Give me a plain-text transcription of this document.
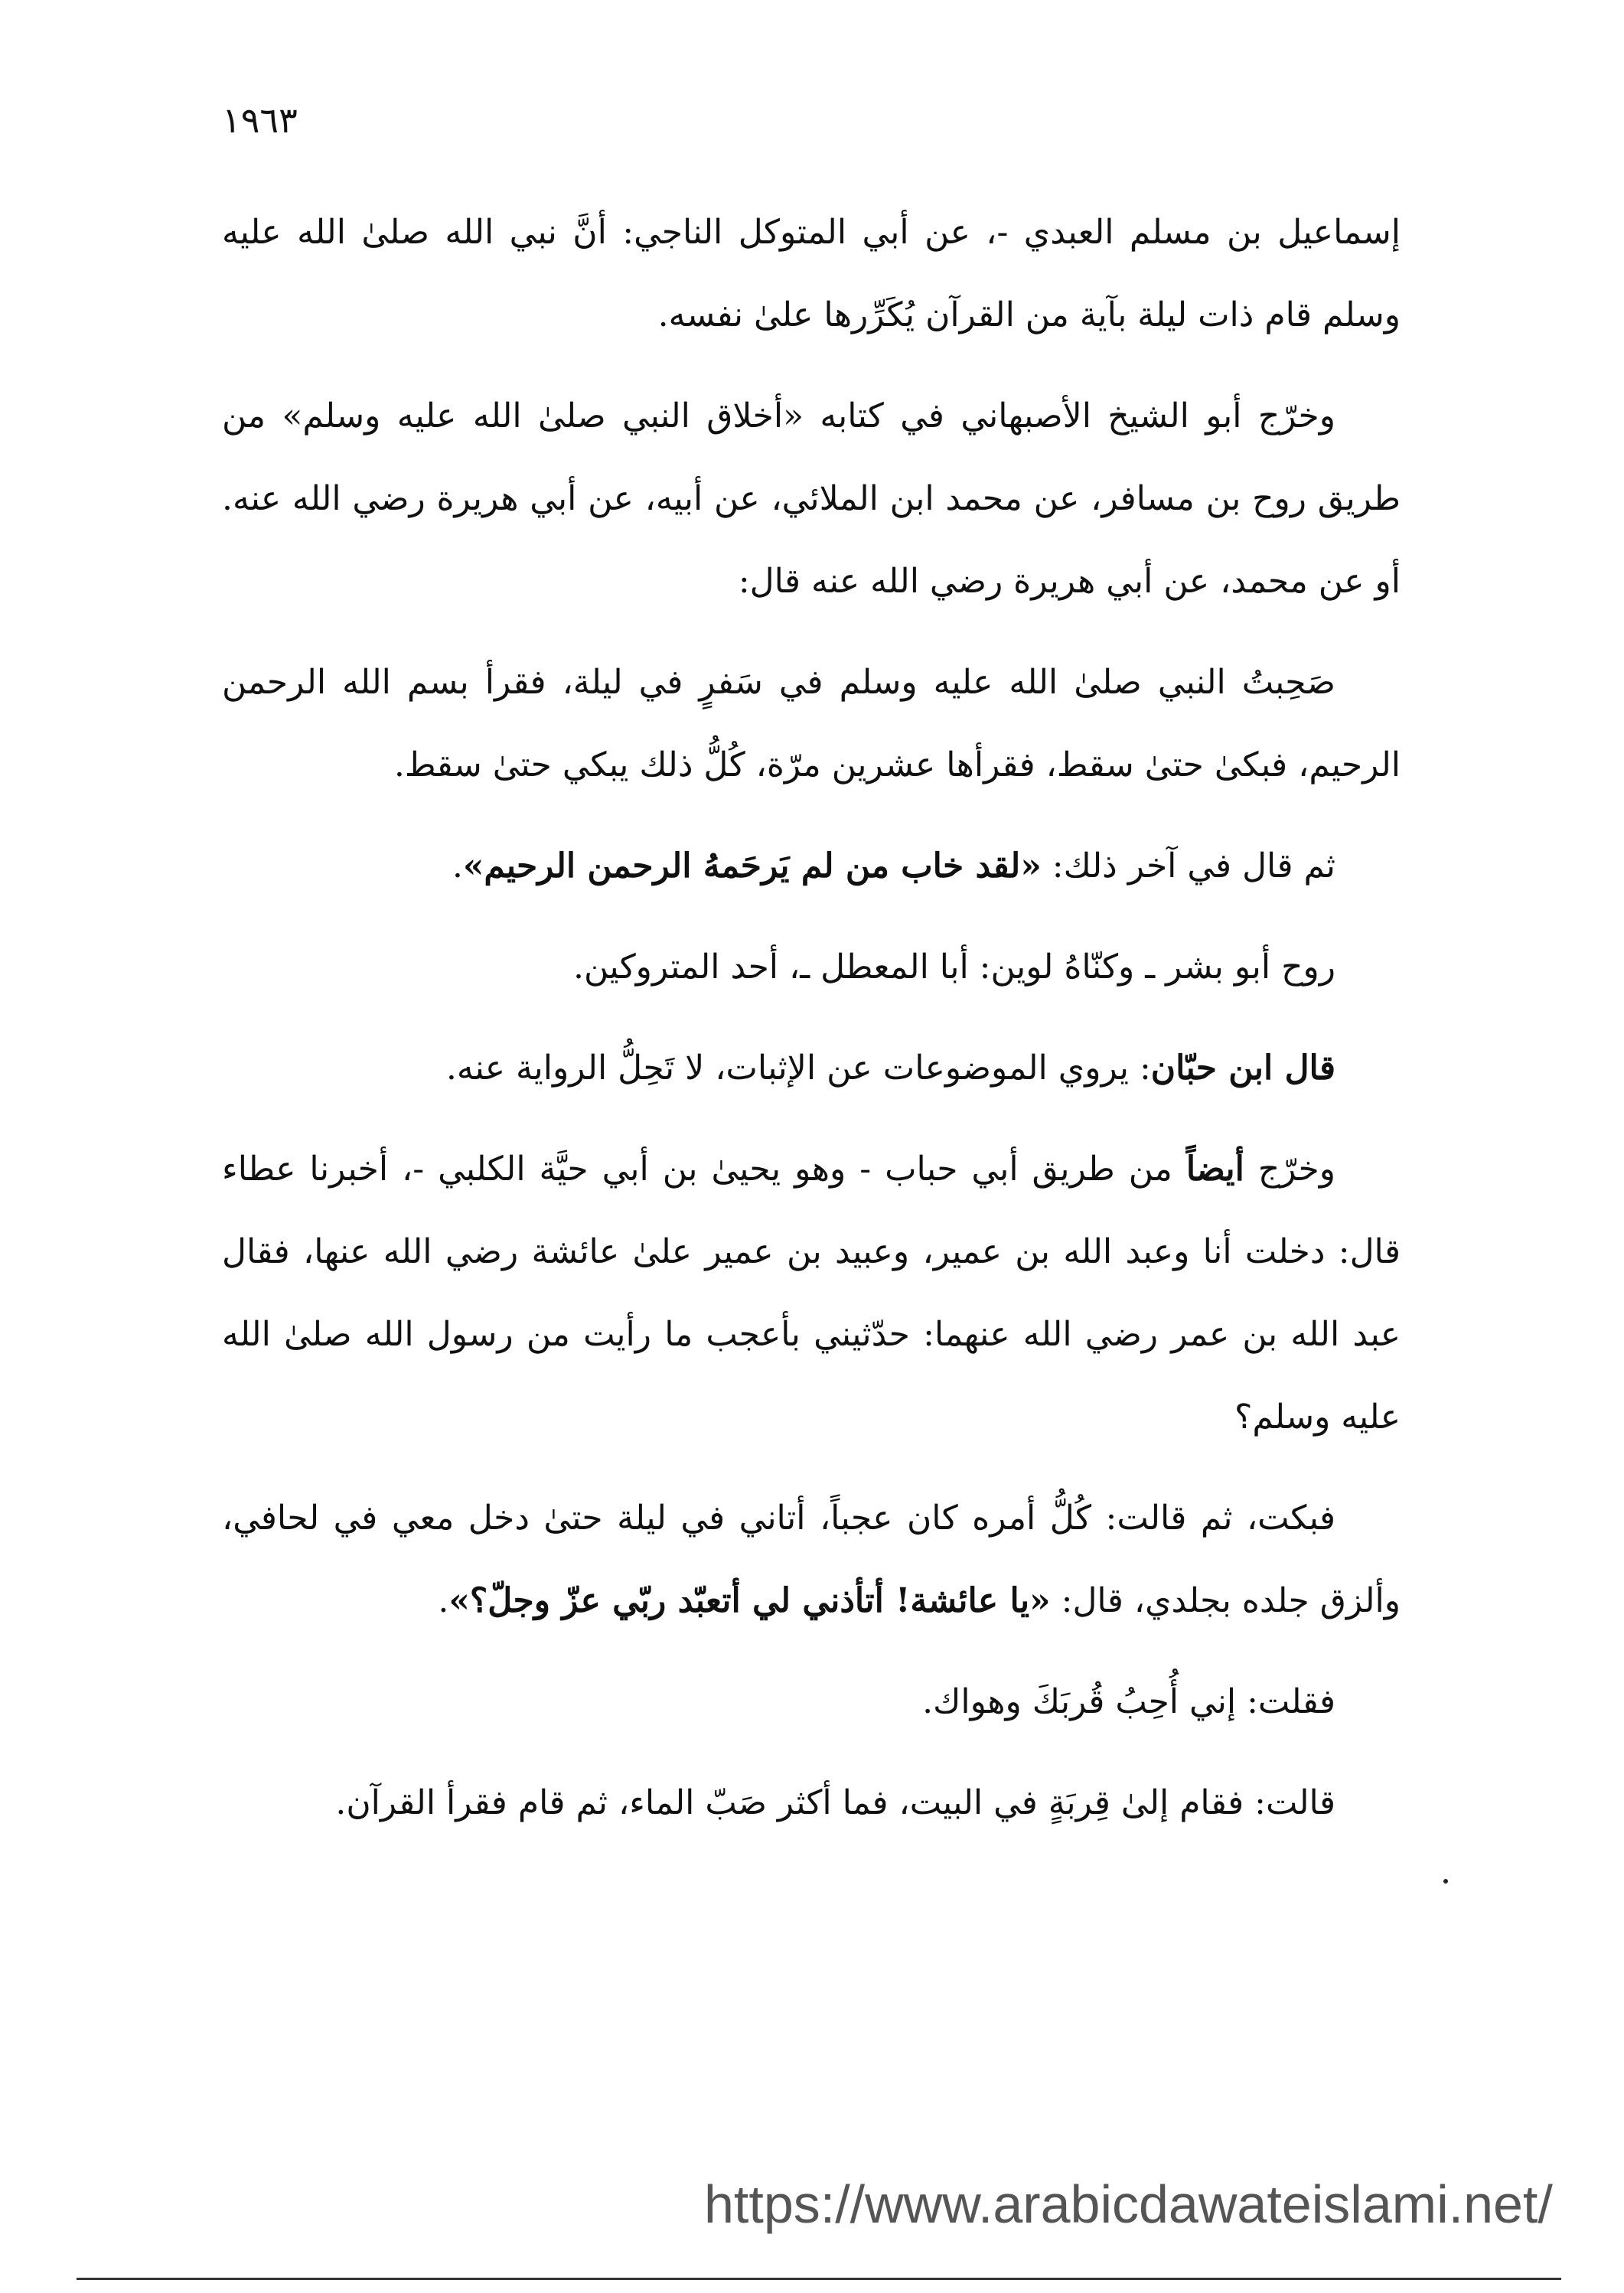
١٩٦٣

إسماعيل بن مسلم العبدي -، عن أبي المتوكل الناجي: أنَّ نبي الله صلىٰ الله عليه وسلم قام ذات ليلة بآية من القرآن يُكَرِّرها علىٰ نفسه.

وخرّج أبو الشيخ الأصبهاني في كتابه «أخلاق النبي صلىٰ الله عليه وسلم» من طريق روح بن مسافر، عن محمد ابن الملائي، عن أبيه، عن أبي هريرة رضي الله عنه. أو عن محمد، عن أبي هريرة رضي الله عنه قال:

صَحِبتُ النبي صلىٰ الله عليه وسلم في سَفرٍ في ليلة، فقرأ بسم الله الرحمن الرحيم، فبكىٰ حتىٰ سقط، فقرأها عشرين مرّة، كُلُّ ذلك يبكي حتىٰ سقط.

ثم قال في آخر ذلك: «لقد خاب من لم يَرحَمهُ الرحمن الرحيم».

روح أبو بشر ـ وكنّاهُ لوين: أبا المعطل ـ، أحد المتروكين.

قال ابن حبّان: يروي الموضوعات عن الإثبات، لا تَحِلُّ الرواية عنه.

وخرّج أيضاً من طريق أبي حباب - وهو يحيىٰ بن أبي حيَّة الكلبي -، أخبرنا عطاء قال: دخلت أنا وعبد الله بن عمير، وعبيد بن عمير علىٰ عائشة رضي الله عنها، فقال عبد الله بن عمر رضي الله عنهما: حدّثيني بأعجب ما رأيت من رسول الله صلىٰ الله عليه وسلم؟

فبكت، ثم قالت: كُلُّ أمره كان عجباً، أتاني في ليلة حتىٰ دخل معي في لحافي، وألزق جلده بجلدي، قال: «يا عائشة! أتأذني لي أتعبّد ربّي عزّ وجلّ؟».

فقلت: إني أُحِبُ قُربَكَ وهواك.

قالت: فقام إلىٰ قِربَةٍ في البيت، فما أكثر صَبّ الماء، ثم قام فقرأ القرآن.

https://www.arabicdawateislami.net/
